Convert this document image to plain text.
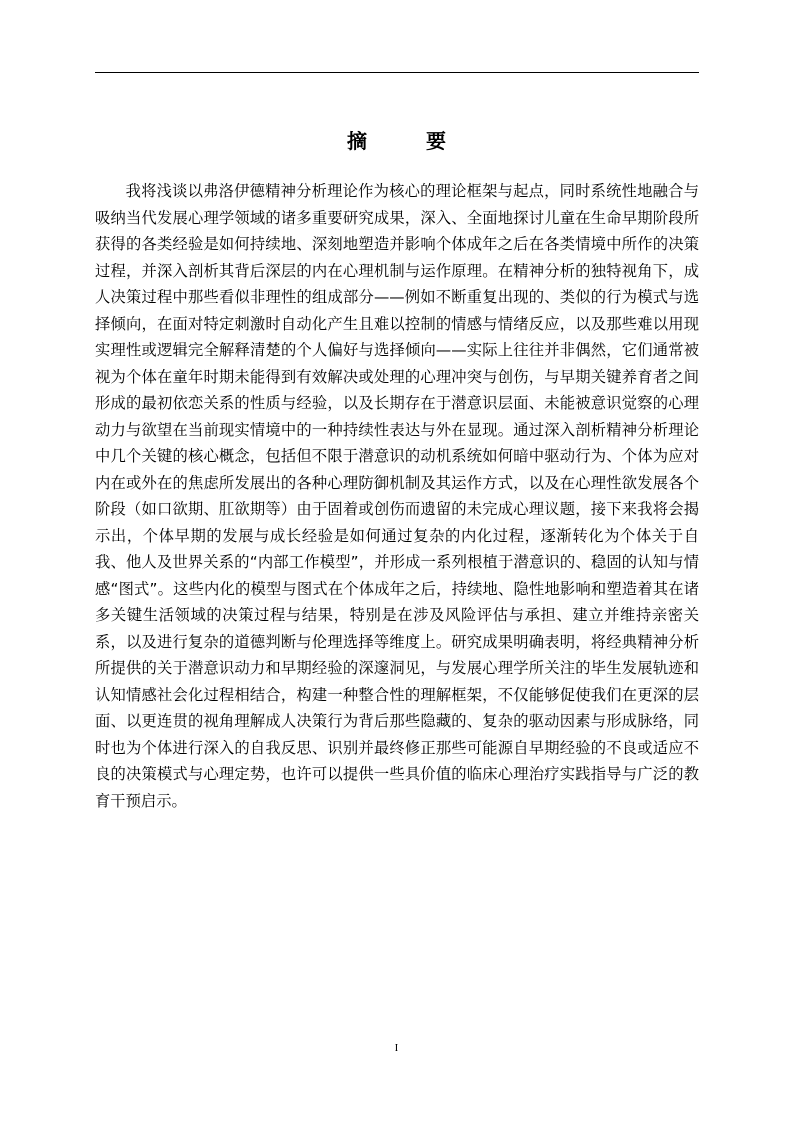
摘 要

我将浅谈以弗洛伊德精神分析理论作为核心的理论框架与起点，同时系统性地融合与吸纳当代发展心理学领域的诸多重要研究成果，深入、全面地探讨儿童在生命早期阶段所获得的各类经验是如何持续地、深刻地塑造并影响个体成年之后在各类情境中所作的决策过程，并深入剖析其背后深层的内在心理机制与运作原理。在精神分析的独特视角下，成人决策过程中那些看似非理性的组成部分——例如不断重复出现的、类似的行为模式与选择倾向，在面对特定刺激时自动化产生且难以控制的情感与情绪反应，以及那些难以用现实理性或逻辑完全解释清楚的个人偏好与选择倾向——实际上往往并非偶然，它们通常被视为个体在童年时期未能得到有效解决或处理的心理冲突与创伤，与早期关键养育者之间形成的最初依恋关系的性质与经验，以及长期存在于潜意识层面、未能被意识觉察的心理动力与欲望在当前现实情境中的一种持续性表达与外在显现。通过深入剖析精神分析理论中几个关键的核心概念，包括但不限于潜意识的动机系统如何暗中驱动行为、个体为应对内在或外在的焦虑所发展出的各种心理防御机制及其运作方式，以及在心理性欲发展各个阶段（如口欲期、肛欲期等）由于固着或创伤而遗留的未完成心理议题，接下来我将会揭示出，个体早期的发展与成长经验是如何通过复杂的内化过程，逐渐转化为个体关于自我、他人及世界关系的“内部工作模型”，并形成一系列根植于潜意识的、稳固的认知与情感“图式”。这些内化的模型与图式在个体成年之后，持续地、隐性地影响和塑造着其在诸多关键生活领域的决策过程与结果，特别是在涉及风险评估与承担、建立并维持亲密关系，以及进行复杂的道德判断与伦理选择等维度上。研究成果明确表明，将经典精神分析所提供的关于潜意识动力和早期经验的深邃洞见，与发展心理学所关注的毕生发展轨迹和认知情感社会化过程相结合，构建一种整合性的理解框架，不仅能够促使我们在更深的层面、以更连贯的视角理解成人决策行为背后那些隐藏的、复杂的驱动因素与形成脉络，同时也为个体进行深入的自我反思、识别并最终修正那些可能源自早期经验的不良或适应不良的决策模式与心理定势，也许可以提供一些具价值的临床心理治疗实践指导与广泛的教育干预启示。

I
